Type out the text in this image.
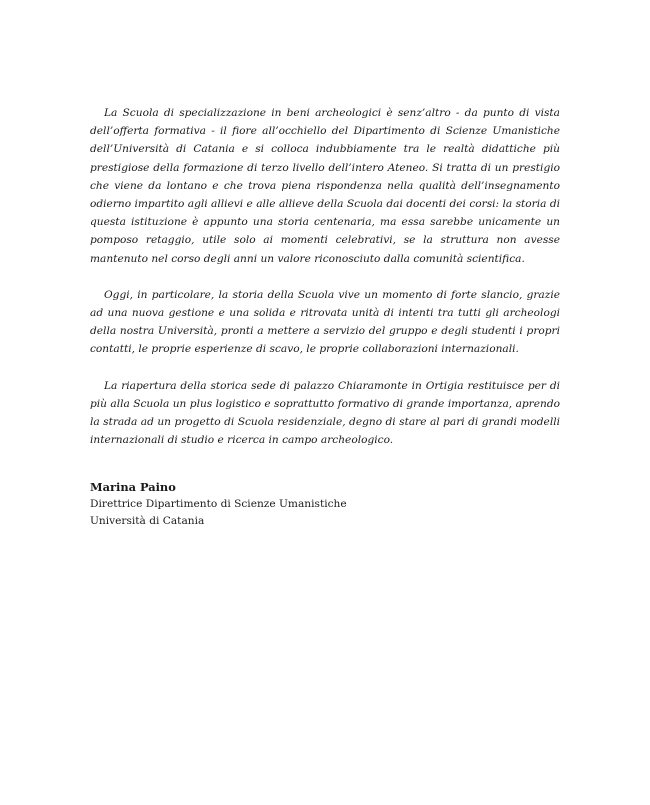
La Scuola di specializzazione in beni archeologici è senz’altro - da punto di vista dell’offerta formativa - il fiore all’occhiello del Dipartimento di Scienze Umanistiche dell’Università di Catania e si colloca indubbiamente tra le realtà didattiche più prestigiose della formazione di terzo livello dell’intero Ateneo. Si tratta di un prestigio che viene da lontano e che trova piena rispondenza nella qualità dell’insegnamento odierno impartito agli allievi e alle allieve della Scuola dai docenti dei corsi: la storia di questa istituzione è appunto una storia centenaria, ma essa sarebbe unicamente un pomposo retaggio, utile solo ai momenti celebrativi, se la struttura non avesse mantenuto nel corso degli anni un valore riconosciuto dalla comunità scientifica.

Oggi, in particolare, la storia della Scuola vive un momento di forte slancio, grazie ad una nuova gestione e una solida e ritrovata unità di intenti tra tutti gli archeologi della nostra Università, pronti a mettere a servizio del gruppo e degli studenti i propri contatti, le proprie esperienze di scavo, le proprie collaborazioni internazionali.

La riapertura della storica sede di palazzo Chiaramonte in Ortigia restituisce per di più alla Scuola un plus logistico e soprattutto formativo di grande importanza, aprendo la strada ad un progetto di Scuola residenziale, degno di stare al pari di grandi modelli internazionali di studio e ricerca in campo archeologico.

Marina Paino
Direttrice Dipartimento di Scienze Umanistiche
Università di Catania
